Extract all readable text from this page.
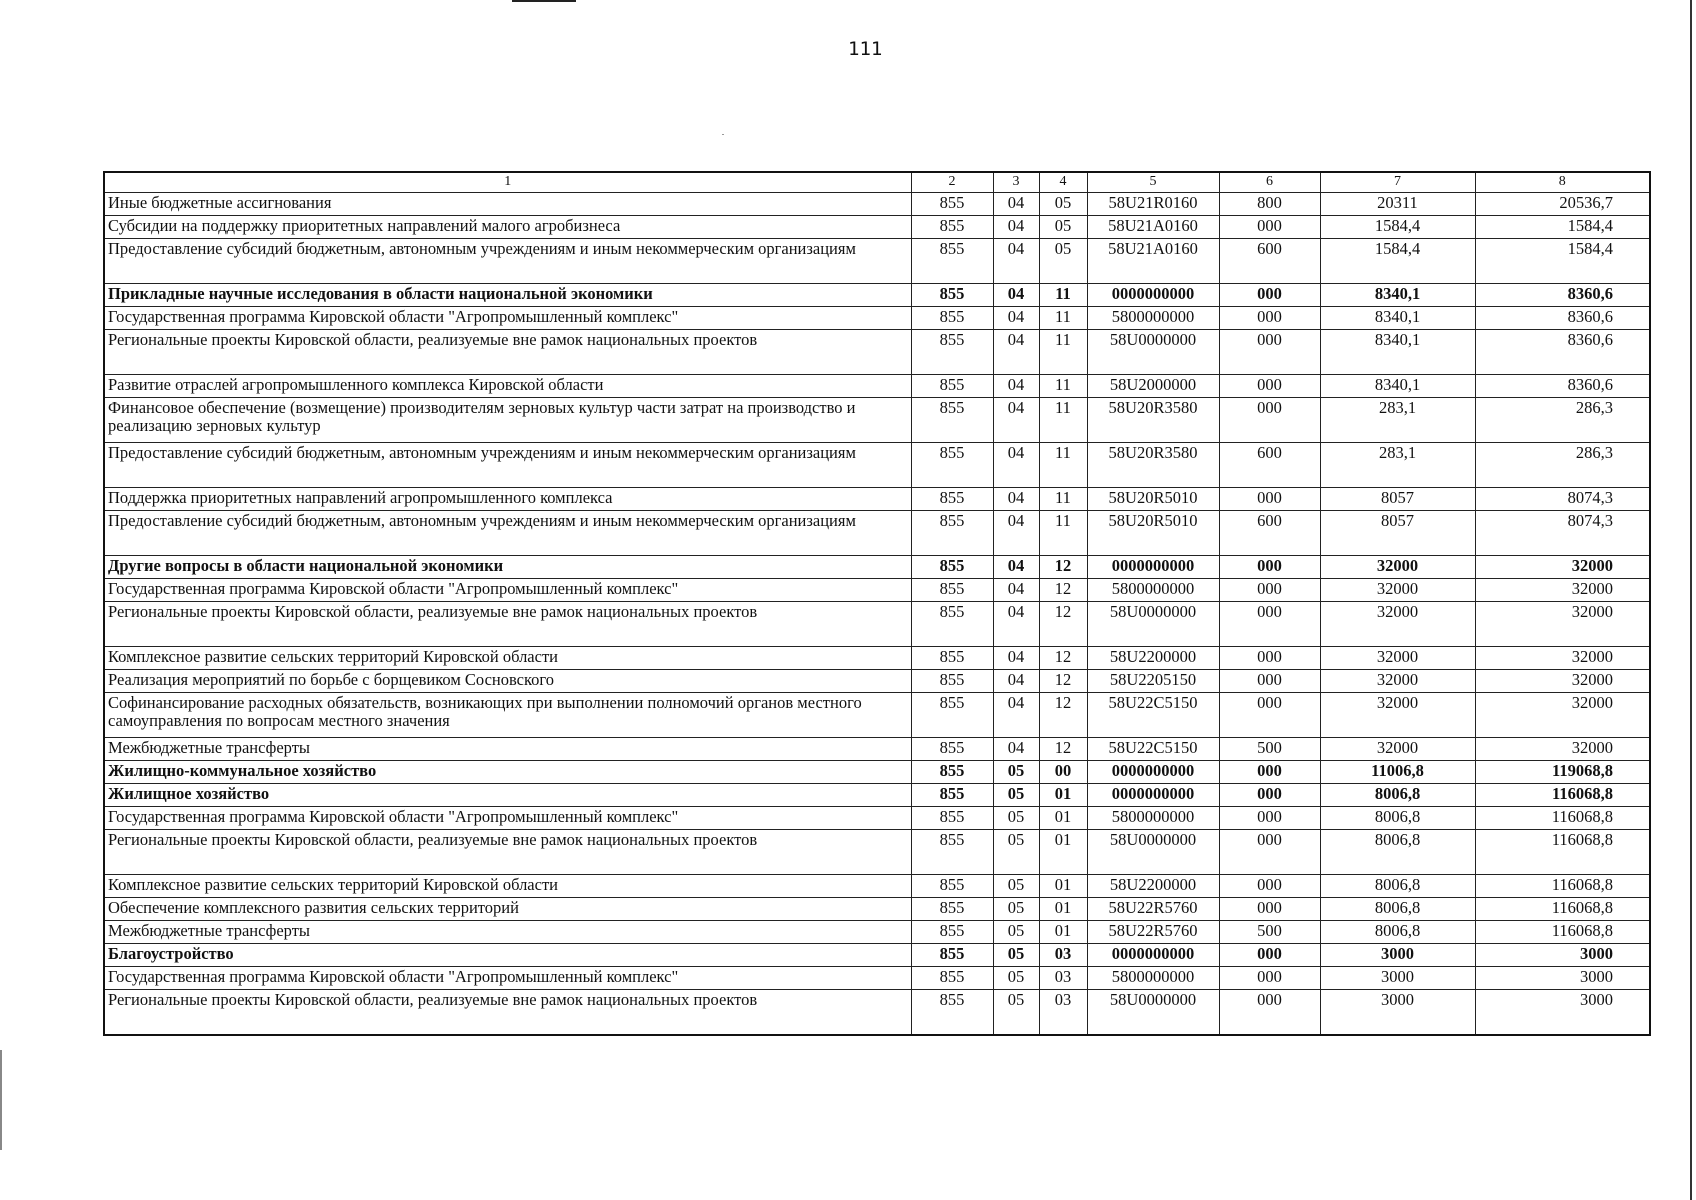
111
1	2	3	4	5	6	7	8
Иные бюджетные ассигнования	855	04	05	58U21R0160	800	20311	20536,7
Субсидии на поддержку приоритетных направлений малого агробизнеса	855	04	05	58U21A0160	000	1584,4	1584,4
Предоставление субсидий бюджетным, автономным учреждениям и иным некоммерческим организациям	855	04	05	58U21A0160	600	1584,4	1584,4
Прикладные научные исследования в области национальной экономики	855	04	11	0000000000	000	8340,1	8360,6
Государственная программа Кировской области "Агропромышленный комплекс"	855	04	11	5800000000	000	8340,1	8360,6
Региональные проекты Кировской области, реализуемые вне рамок национальных проектов	855	04	11	58U0000000	000	8340,1	8360,6
Развитие отраслей агропромышленного комплекса Кировской области	855	04	11	58U2000000	000	8340,1	8360,6
Финансовое обеспечение (возмещение) производителям зерновых культур части затрат на производство и реализацию зерновых культур	855	04	11	58U20R3580	000	283,1	286,3
Предоставление субсидий бюджетным, автономным учреждениям и иным некоммерческим организациям	855	04	11	58U20R3580	600	283,1	286,3
Поддержка приоритетных направлений агропромышленного комплекса	855	04	11	58U20R5010	000	8057	8074,3
Предоставление субсидий бюджетным, автономным учреждениям и иным некоммерческим организациям	855	04	11	58U20R5010	600	8057	8074,3
Другие вопросы в области национальной экономики	855	04	12	0000000000	000	32000	32000
Государственная программа Кировской области "Агропромышленный комплекс"	855	04	12	5800000000	000	32000	32000
Региональные проекты Кировской области, реализуемые вне рамок национальных проектов	855	04	12	58U0000000	000	32000	32000
Комплексное развитие сельских территорий Кировской области	855	04	12	58U2200000	000	32000	32000
Реализация мероприятий по борьбе с борщевиком Сосновского	855	04	12	58U2205150	000	32000	32000
Софинансирование расходных обязательств, возникающих при выполнении полномочий органов местного самоуправления по вопросам местного значения	855	04	12	58U22C5150	000	32000	32000
Межбюджетные трансферты	855	04	12	58U22C5150	500	32000	32000
Жилищно-коммунальное хозяйство	855	05	00	0000000000	000	11006,8	119068,8
Жилищное хозяйство	855	05	01	0000000000	000	8006,8	116068,8
Государственная программа Кировской области "Агропромышленный комплекс"	855	05	01	5800000000	000	8006,8	116068,8
Региональные проекты Кировской области, реализуемые вне рамок национальных проектов	855	05	01	58U0000000	000	8006,8	116068,8
Комплексное развитие сельских территорий Кировской области	855	05	01	58U2200000	000	8006,8	116068,8
Обеспечение комплексного развития сельских территорий	855	05	01	58U22R5760	000	8006,8	116068,8
Межбюджетные трансферты	855	05	01	58U22R5760	500	8006,8	116068,8
Благоустройство	855	05	03	0000000000	000	3000	3000
Государственная программа Кировской области "Агропромышленный комплекс"	855	05	03	5800000000	000	3000	3000
Региональные проекты Кировской области, реализуемые вне рамок национальных проектов	855	05	03	58U0000000	000	3000	3000
